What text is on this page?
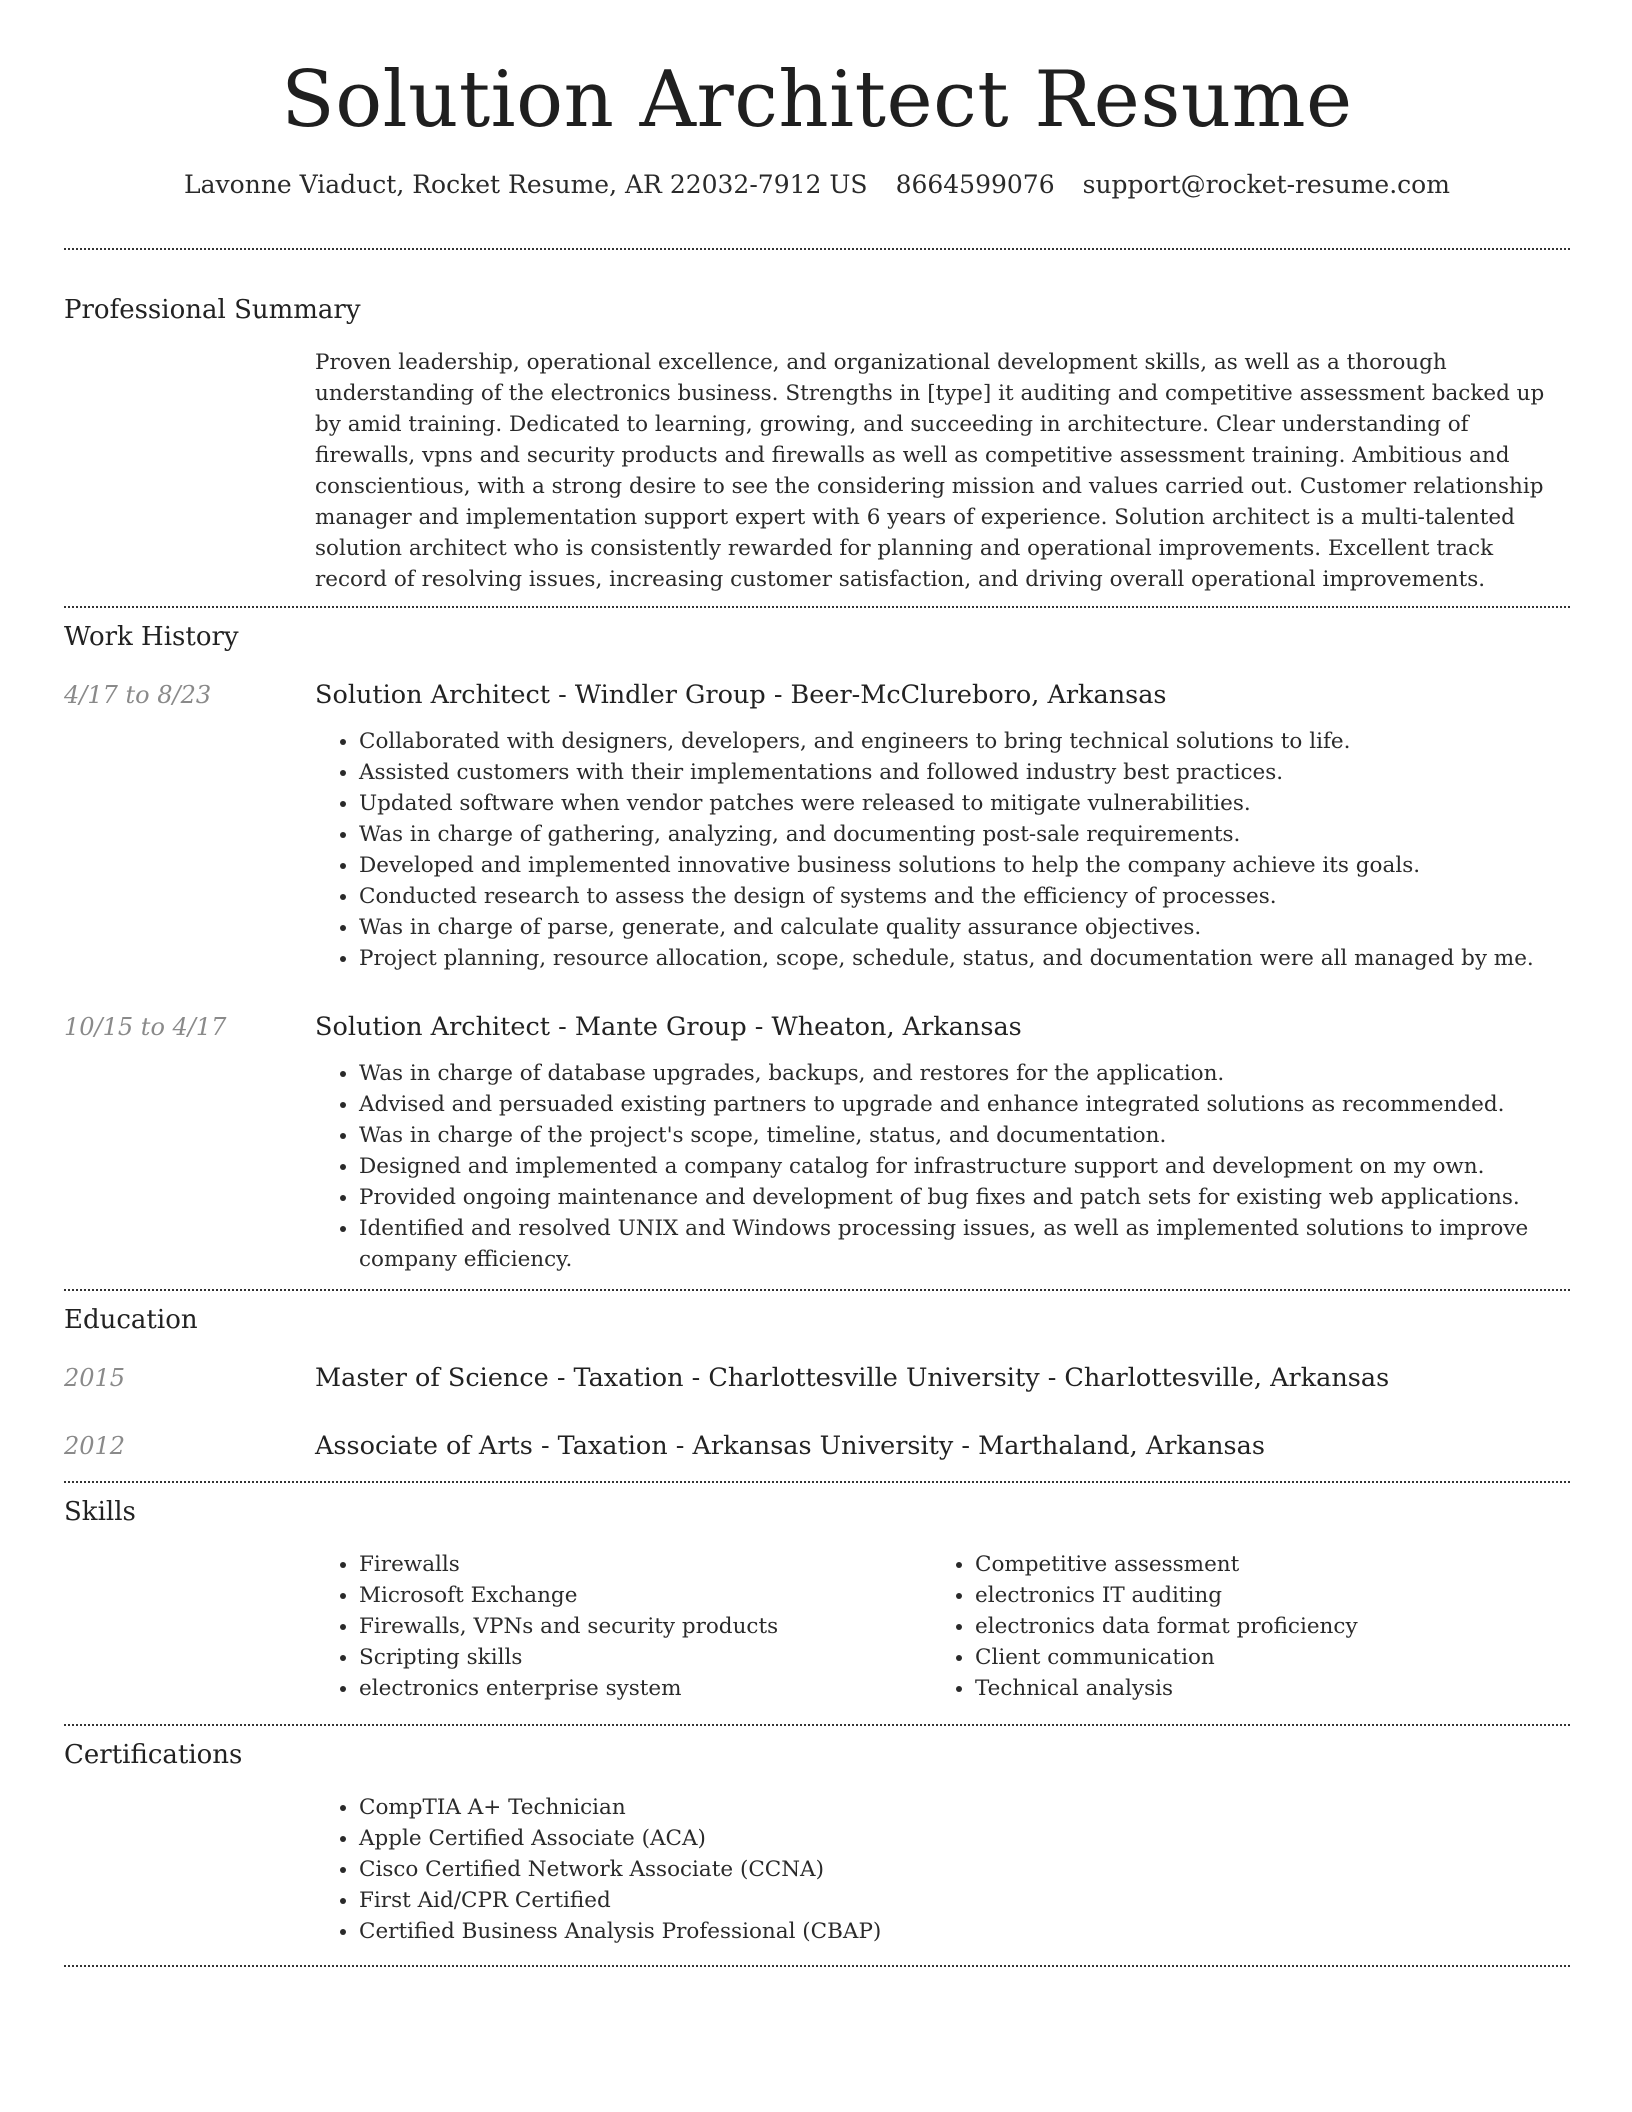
Solution Architect Resume
Lavonne Viaduct, Rocket Resume, AR 22032-7912 US 8664599076 support@rocket-resume.com
Professional Summary

Proven leadership, operational excellence, and organizational development skills, as well as a thorough understanding of the electronics business. Strengths in [type] it auditing and competitive assessment backed up by amid training. Dedicated to learning, growing, and succeeding in architecture. Clear understanding of firewalls, vpns and security products and firewalls as well as competitive assessment training. Ambitious and conscientious, with a strong desire to see the considering mission and values carried out. Customer relationship manager and implementation support expert with 6 years of experience. Solution architect is a multi-talented solution architect who is consistently rewarded for planning and operational improvements. Excellent track record of resolving issues, increasing customer satisfaction, and driving overall operational improvements.

Work History
4/17 to 8/23	Solution Architect - Windler Group - Beer-McClureboro, Arkansas
• Collaborated with designers, developers, and engineers to bring technical solutions to life.
• Assisted customers with their implementations and followed industry best practices.
• Updated software when vendor patches were released to mitigate vulnerabilities.
• Was in charge of gathering, analyzing, and documenting post-sale requirements.
• Developed and implemented innovative business solutions to help the company achieve its goals.
• Conducted research to assess the design of systems and the efficiency of processes.
• Was in charge of parse, generate, and calculate quality assurance objectives.
• Project planning, resource allocation, scope, schedule, status, and documentation were all managed by me.
10/15 to 4/17	Solution Architect - Mante Group - Wheaton, Arkansas
• Was in charge of database upgrades, backups, and restores for the application.
• Advised and persuaded existing partners to upgrade and enhance integrated solutions as recommended.
• Was in charge of the project's scope, timeline, status, and documentation.
• Designed and implemented a company catalog for infrastructure support and development on my own.
• Provided ongoing maintenance and development of bug fixes and patch sets for existing web applications.
• Identified and resolved UNIX and Windows processing issues, as well as implemented solutions to improve company efficiency.
Education
2015	Master of Science - Taxation - Charlottesville University - Charlottesville, Arkansas
2012	Associate of Arts - Taxation - Arkansas University - Marthaland, Arkansas
Skills
• Firewalls
• Microsoft Exchange
• Firewalls, VPNs and security products
• Scripting skills
• electronics enterprise system
• Competitive assessment
• electronics IT auditing
• electronics data format proficiency
• Client communication
• Technical analysis
Certifications
• CompTIA A+ Technician
• Apple Certified Associate (ACA)
• Cisco Certified Network Associate (CCNA)
• First Aid/CPR Certified
• Certified Business Analysis Professional (CBAP)
